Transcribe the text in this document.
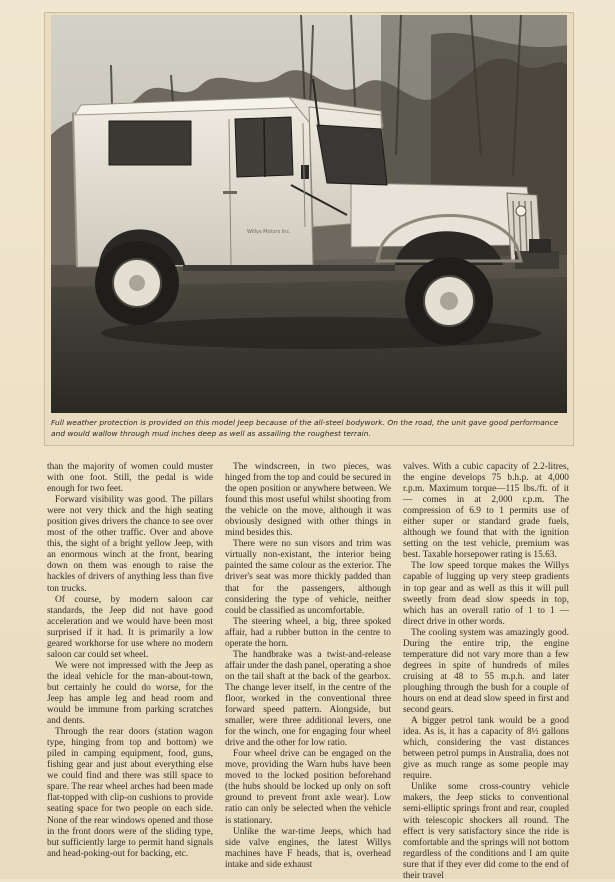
Willys Motors Inc.
Full weather protection is provided on this model Jeep because of the all-steel bodywork. On the road, the unit gave good performance and would wallow through mud inches deep as well as assailing the roughest terrain.

than the majority of women could muster with one foot. Still, the pedal is wide enough for two feet.

Forward visibility was good. The pillars were not very thick and the high seating position gives drivers the chance to see over most of the other traffic. Over and above this, the sight of a bright yellow Jeep, with an enormous winch at the front, bearing down on them was enough to raise the hackles of drivers of anything less than five ton trucks.

Of course, by modern saloon car standards, the Jeep did not have good acceleration and we would have been most surprised if it had. It is primarily a low geared workhorse for use where no modern saloon car could set wheel.

We were not impressed with the Jeep as the ideal vehicle for the man-about-town, but certainly he could do worse, for the Jeep has ample leg and head room and would be immune from parking scratches and dents.

Through the rear doors (station wagon type, hinging from top and bottom) we piled in camping equipment, food, guns, fishing gear and just about everything else we could find and there was still space to spare. The rear wheel arches had been made flat-topped with clip-on cushions to provide seating space for two people on each side. None of the rear windows opened and those in the front doors were of the sliding type, but sufficiently large to permit hand signals and head-poking-out for backing, etc.

The windscreen, in two pieces, was hinged from the top and could be secured in the open position or anywhere between. We found this most useful whilst shooting from the vehicle on the move, although it was obviously designed with other things in mind besides this.

There were no sun visors and trim was virtually non-existant, the interior being painted the same colour as the exterior. The driver's seat was more thickly padded than that for the passengers, although considering the type of vehicle, neither could be classified as uncomfortable.

The steering wheel, a big, three spoked affair, had a rubber button in the centre to operate the horn.

The handbrake was a twist-and-release affair under the dash panel, operating a shoe on the tail shaft at the back of the gearbox. The change lever itself, in the centre of the floor, worked in the conventional three forward speed pattern. Alongside, but smaller, were three additional levers, one for the winch, one for engaging four wheel drive and the other for low ratio.

Four wheel drive can be engaged on the move, providing the Warn hubs have been moved to the locked position beforehand (the hubs should be locked up only on soft ground to prevent front axle wear). Low ratio can only be selected when the vehicle is stationary.

Unlike the war-time Jeeps, which had side valve engines, the latest Willys machines have F heads, that is, overhead intake and side exhaust

valves. With a cubic capacity of 2.2-litres, the engine develops 75 b.h.p. at 4,000 r.p.m. Maximum torque—115 lbs./ft. of it — comes in at 2,000 r.p.m. The compression of 6.9 to 1 permits use of either super or standard grade fuels, although we found that with the ignition setting on the test vehicle, premium was best. Taxable horsepower rating is 15.63.

The low speed torque makes the Willys capable of lugging up very steep gradients in top gear and as well as this it will pull sweetly from dead slow speeds in top, which has an overall ratio of 1 to 1 — direct drive in other words.

The cooling system was amazingly good. During the entire trip, the engine temperature did not vary more than a few degrees in spite of hundreds of miles cruising at 48 to 55 m.p.h. and later ploughing through the bush for a couple of hours on end at dead slow speed in first and second gears.

A bigger petrol tank would be a good idea. As is, it has a capacity of 8½ gallons which, considering the vast distances between petrol pumps in Australia, does not give as much range as some people may require.

Unlike some cross-country vehicle makers, the Jeep sticks to conventional semi-elliptic springs front and rear, coupled with telescopic shockers all round. The effect is very satisfactory since the ride is comfortable and the springs will not bottom regardless of the conditions and I am quite sure that if they ever did come to the end of their travel
